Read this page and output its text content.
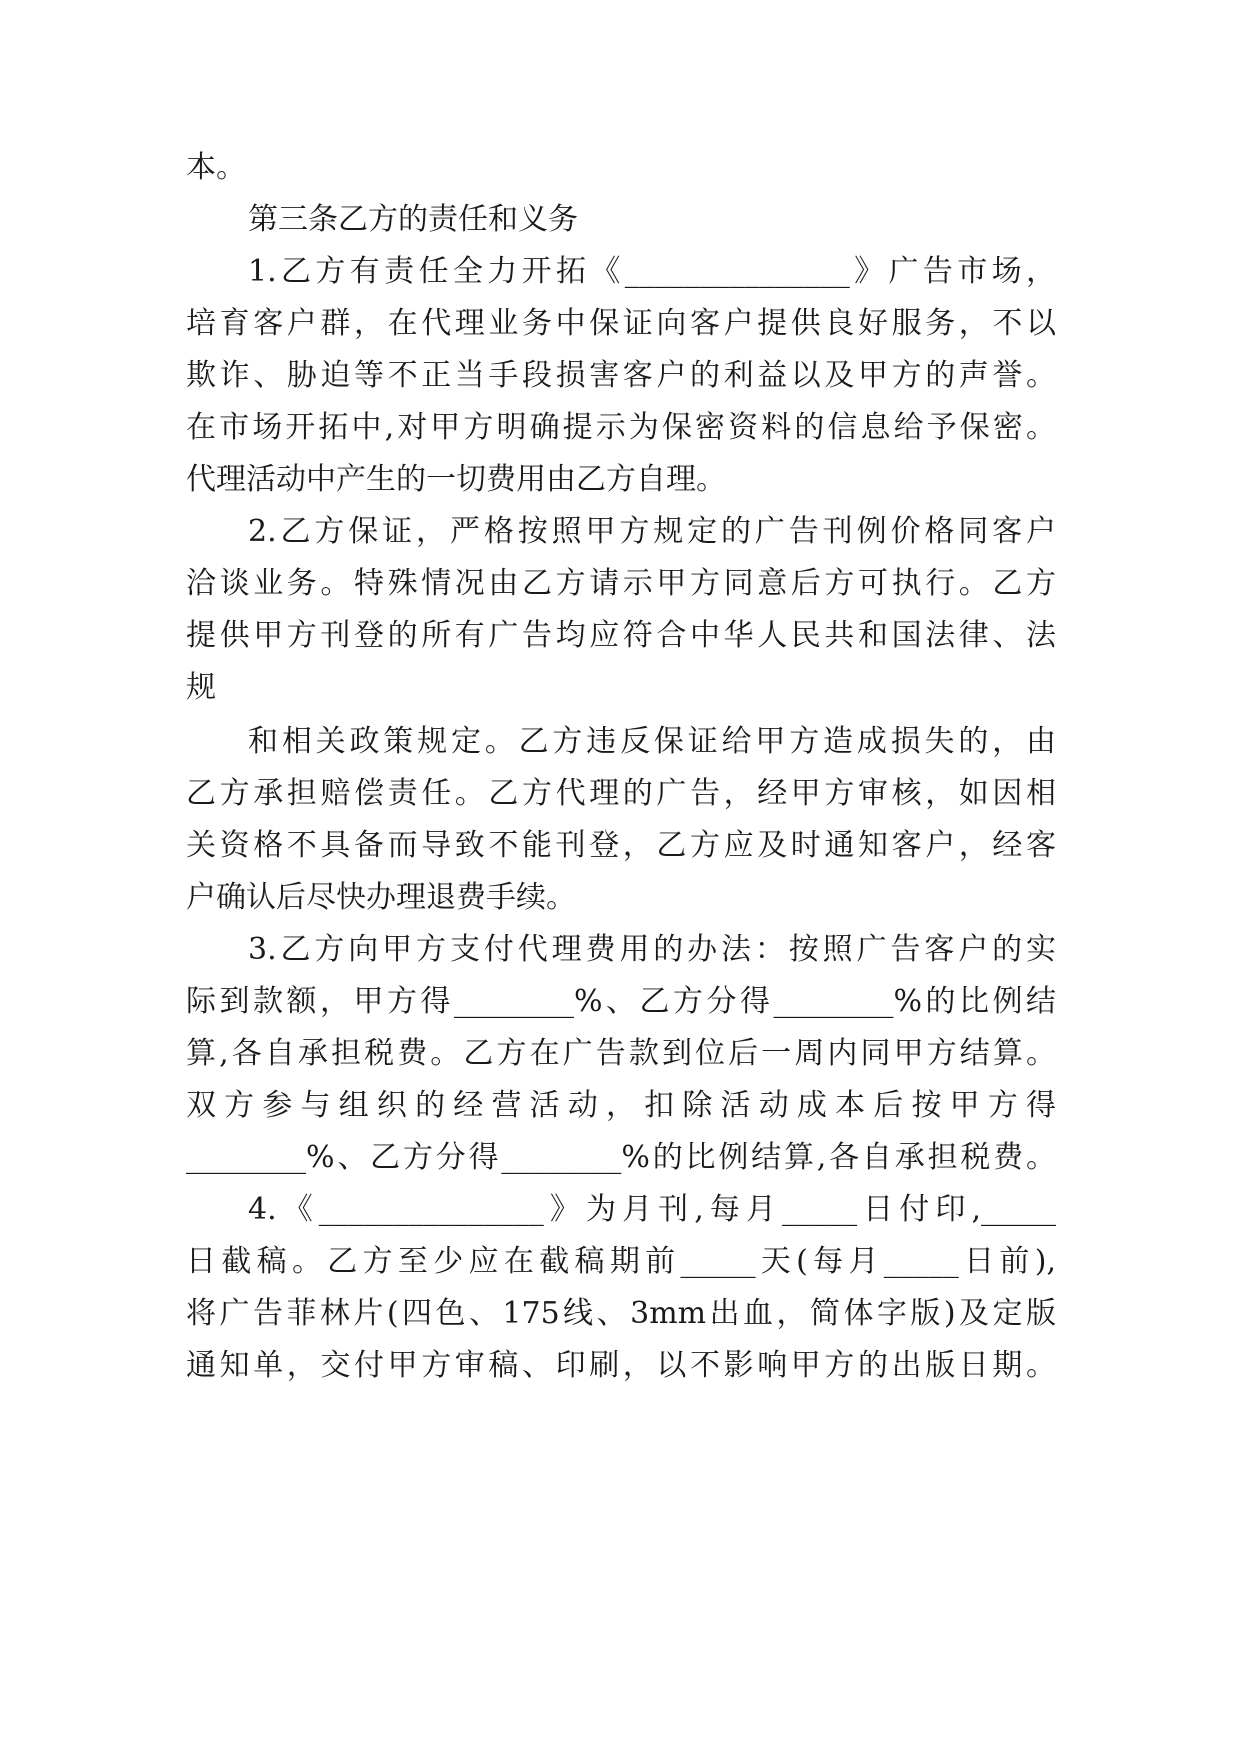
本。
第三条乙方的责任和义务
1.乙方有责任全力开拓《_______________》广告市场，
培育客户群，在代理业务中保证向客户提供良好服务，不以
欺诈、胁迫等不正当手段损害客户的利益以及甲方的声誉。
在市场开拓中,对甲方明确提示为保密资料的信息给予保密。
代理活动中产生的一切费用由乙方自理。
2.乙方保证，严格按照甲方规定的广告刊例价格同客户
洽谈业务。特殊情况由乙方请示甲方同意后方可执行。乙方
提供甲方刊登的所有广告均应符合中华人民共和国法律、法
规
和相关政策规定。乙方违反保证给甲方造成损失的，由
乙方承担赔偿责任。乙方代理的广告，经甲方审核，如因相
关资格不具备而导致不能刊登，乙方应及时通知客户，经客
户确认后尽快办理退费手续。
3.乙方向甲方支付代理费用的办法：按照广告客户的实
际到款额，甲方得________%、乙方分得________%的比例结
算,各自承担税费。乙方在广告款到位后一周内同甲方结算。
双方参与组织的经营活动，扣除活动成本后按甲方得
________%、乙方分得________%的比例结算,各自承担税费。
4.《_______________》为月刊,每月_____日付印,_____
日截稿。乙方至少应在截稿期前_____天(每月_____日前),
将广告菲林片(四色、175线、3mm出血，简体字版)及定版
通知单，交付甲方审稿、印刷，以不影响甲方的出版日期。
